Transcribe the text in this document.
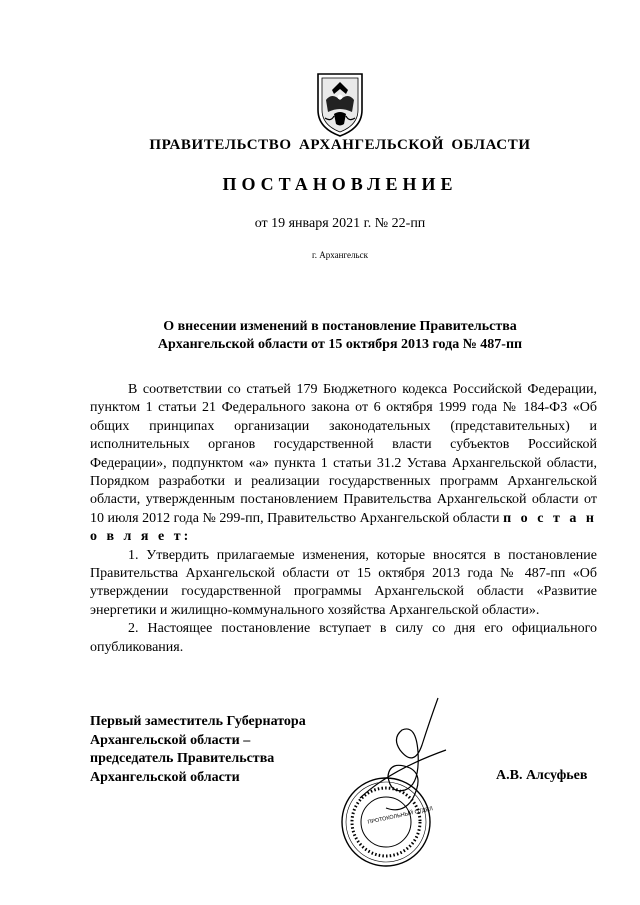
ПРАВИТЕЛЬСТВО АРХАНГЕЛЬСКОЙ ОБЛАСТИ
ПОСТАНОВЛЕНИЕ
от 19 января 2021 г. № 22-пп
г. Архангельск
О внесении изменений в постановление Правительства
Архангельской области от 15 октября 2013 года № 487-пп

В соответствии со статьей 179 Бюджетного кодекса Российской Федерации, пунктом 1 статьи 21 Федерального закона от 6 октября 1999 года № 184-ФЗ «Об общих принципах организации законодательных (представительных) и исполнительных органов государственной власти субъектов Российской Федерации», подпунктом «а» пункта 1 статьи 31.2 Устава Архангельской области, Порядком разработки и реализации государственных программ Архангельской области, утвержденным постановлением Правительства Архангельской области от 10 июля 2012 года № 299-пп, Правительство Архангельской области п о с т а н о в л я е т:

1. Утвердить прилагаемые изменения, которые вносятся в постановление Правительства Архангельской области от 15 октября 2013 года № 487-пп «Об утверждении государственной программы Архангельской области «Развитие энергетики и жилищно-коммунального хозяйства Архангельской области».

2. Настоящее постановление вступает в силу со дня его официального опубликования.

Первый заместитель Губернатора
Архангельской области –
председатель Правительства
Архангельской области
ПРОТОКОЛЬНЫЙ ОТДЕЛ
А.В. Алсуфьев
